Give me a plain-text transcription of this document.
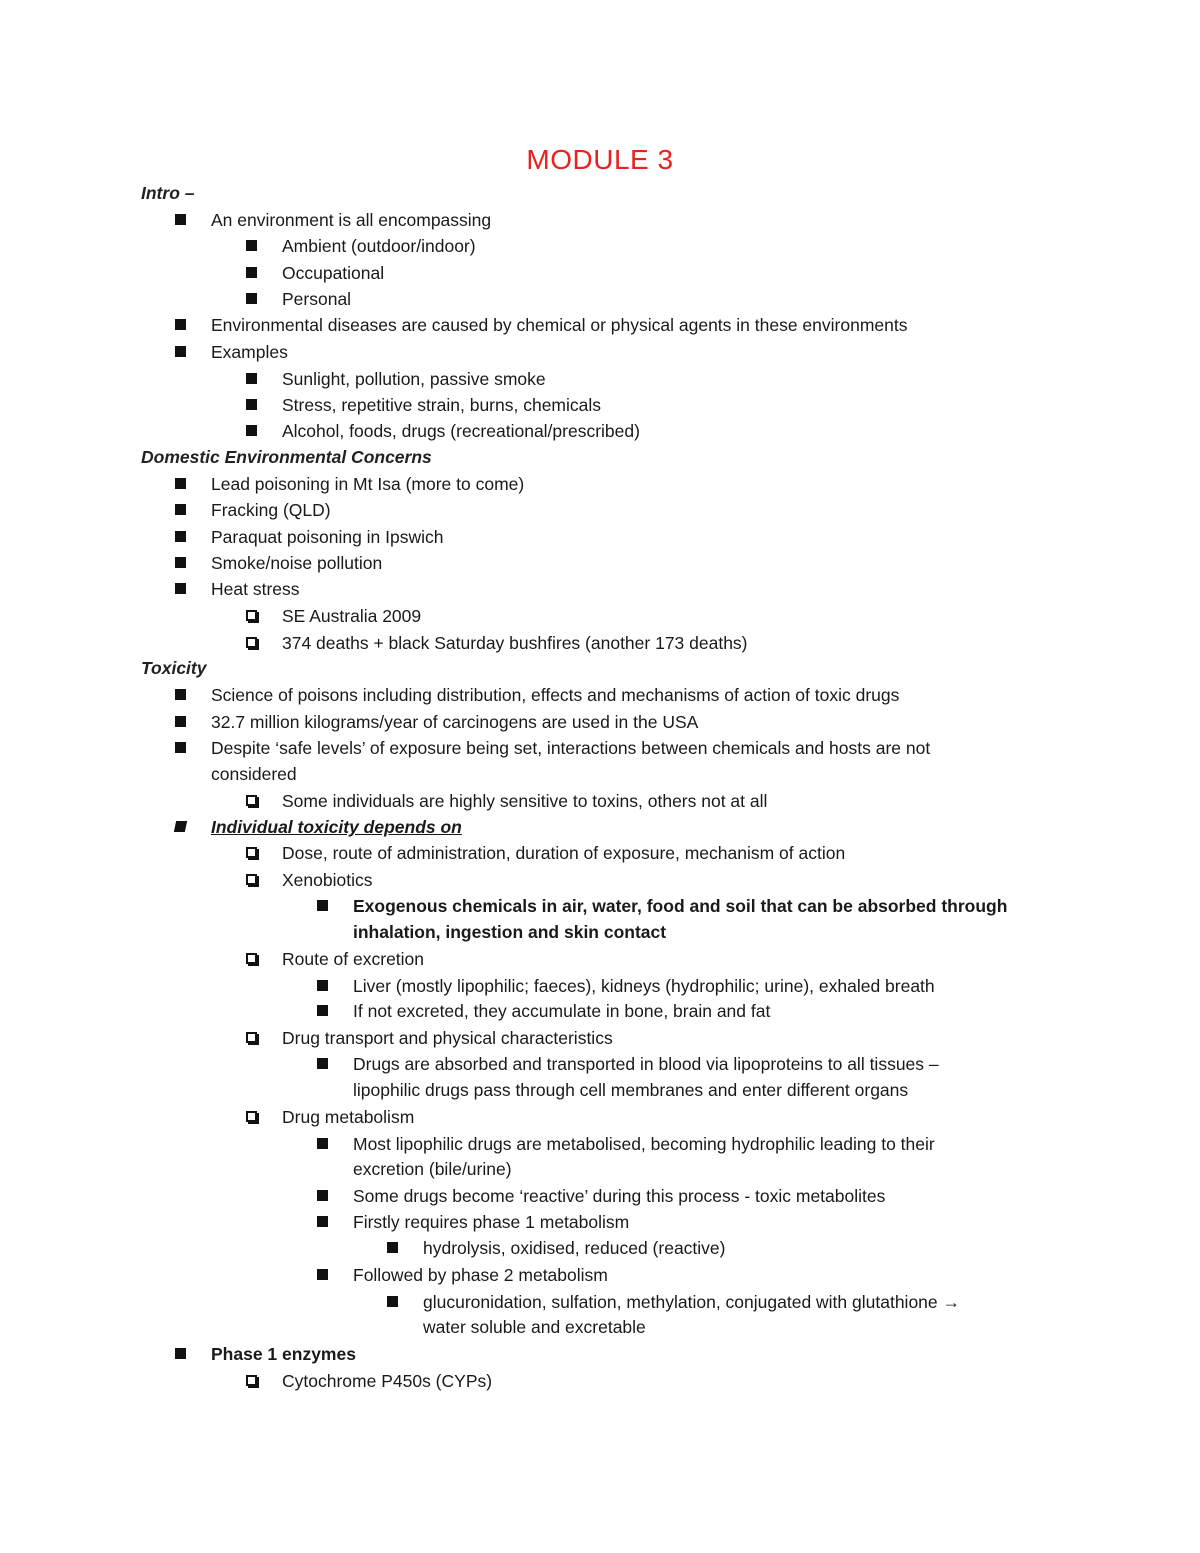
MODULE 3
Intro –
An environment is all encompassing
Ambient (outdoor/indoor)
Occupational
Personal
Environmental diseases are caused by chemical or physical agents in these environments
Examples
Sunlight, pollution, passive smoke
Stress, repetitive strain, burns, chemicals
Alcohol, foods, drugs (recreational/prescribed)
Domestic Environmental Concerns
Lead poisoning in Mt Isa (more to come)
Fracking (QLD)
Paraquat poisoning in Ipswich
Smoke/noise pollution
Heat stress
SE Australia 2009
374 deaths + black Saturday bushfires (another 173 deaths)
Toxicity
Science of poisons including distribution, effects and mechanisms of action of toxic drugs
32.7 million kilograms/year of carcinogens are used in the USA
Despite ‘safe levels’ of exposure being set, interactions between chemicals and hosts are not
considered
Some individuals are highly sensitive to toxins, others not at all
Individual toxicity depends on
Dose, route of administration, duration of exposure, mechanism of action
Xenobiotics
Exogenous chemicals in air, water, food and soil that can be absorbed through
inhalation, ingestion and skin contact
Route of excretion
Liver (mostly lipophilic; faeces), kidneys (hydrophilic; urine), exhaled breath
If not excreted, they accumulate in bone, brain and fat
Drug transport and physical characteristics
Drugs are absorbed and transported in blood via lipoproteins to all tissues –
lipophilic drugs pass through cell membranes and enter different organs
Drug metabolism
Most lipophilic drugs are metabolised, becoming hydrophilic leading to their
excretion (bile/urine)
Some drugs become ‘reactive’ during this process - toxic metabolites
Firstly requires phase 1 metabolism
hydrolysis, oxidised, reduced (reactive)
Followed by phase 2 metabolism
glucuronidation, sulfation, methylation, conjugated with glutathione →
water soluble and excretable
Phase 1 enzymes
Cytochrome P450s (CYPs)
